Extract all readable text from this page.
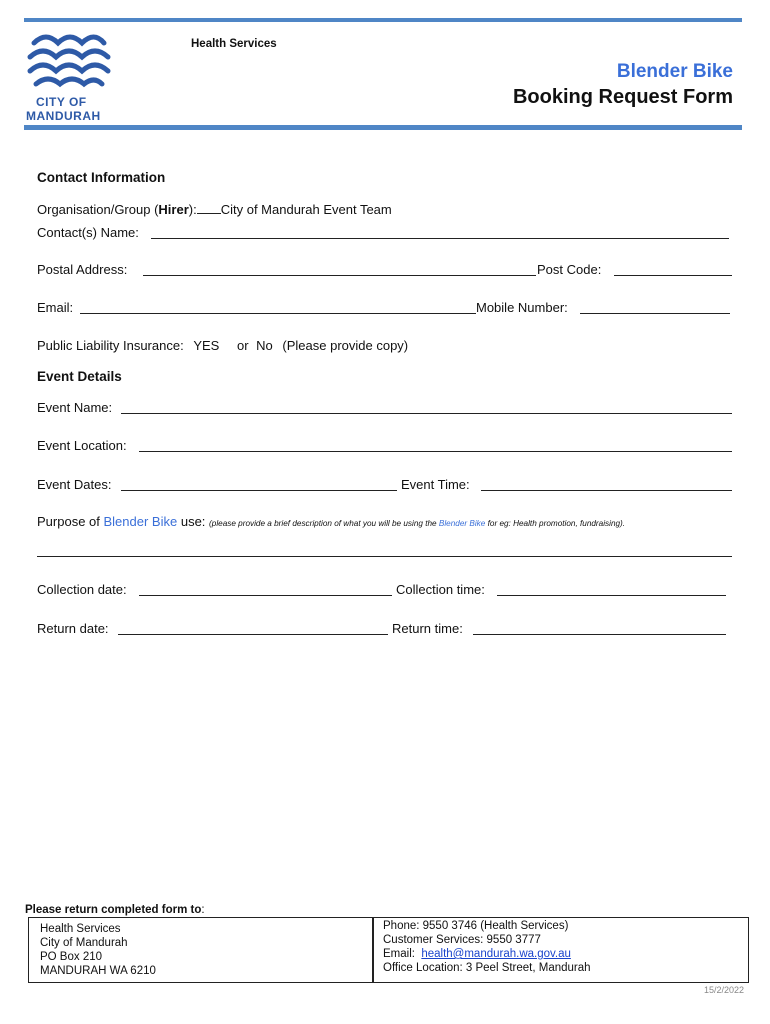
CITY OF
MANDURAH
Health Services
Blender Bike
Booking Request Form
Contact Information
Organisation/Group (Hirer): City of Mandurah Event Team
Contact(s) Name:
Postal Address:	Post Code:
Email:	Mobile Number:
Public Liability Insurance: YES or No (Please provide copy)
Event Details
Event Name:
Event Location:
Event Dates:	Event Time:
Purpose of Blender Bike use: (please provide a brief description of what you will be using the Blender Bike for eg: Health promotion, fundraising).
Collection date:	Collection time:
Return date:	Return time:
Please return completed form to:
Health Services
City of Mandurah
PO Box 210
MANDURAH WA 6210
Phone: 9550 3746 (Health Services)
Customer Services: 9550 3777
Email: health@mandurah.wa.gov.au
Office Location: 3 Peel Street, Mandurah
15/2/2022
